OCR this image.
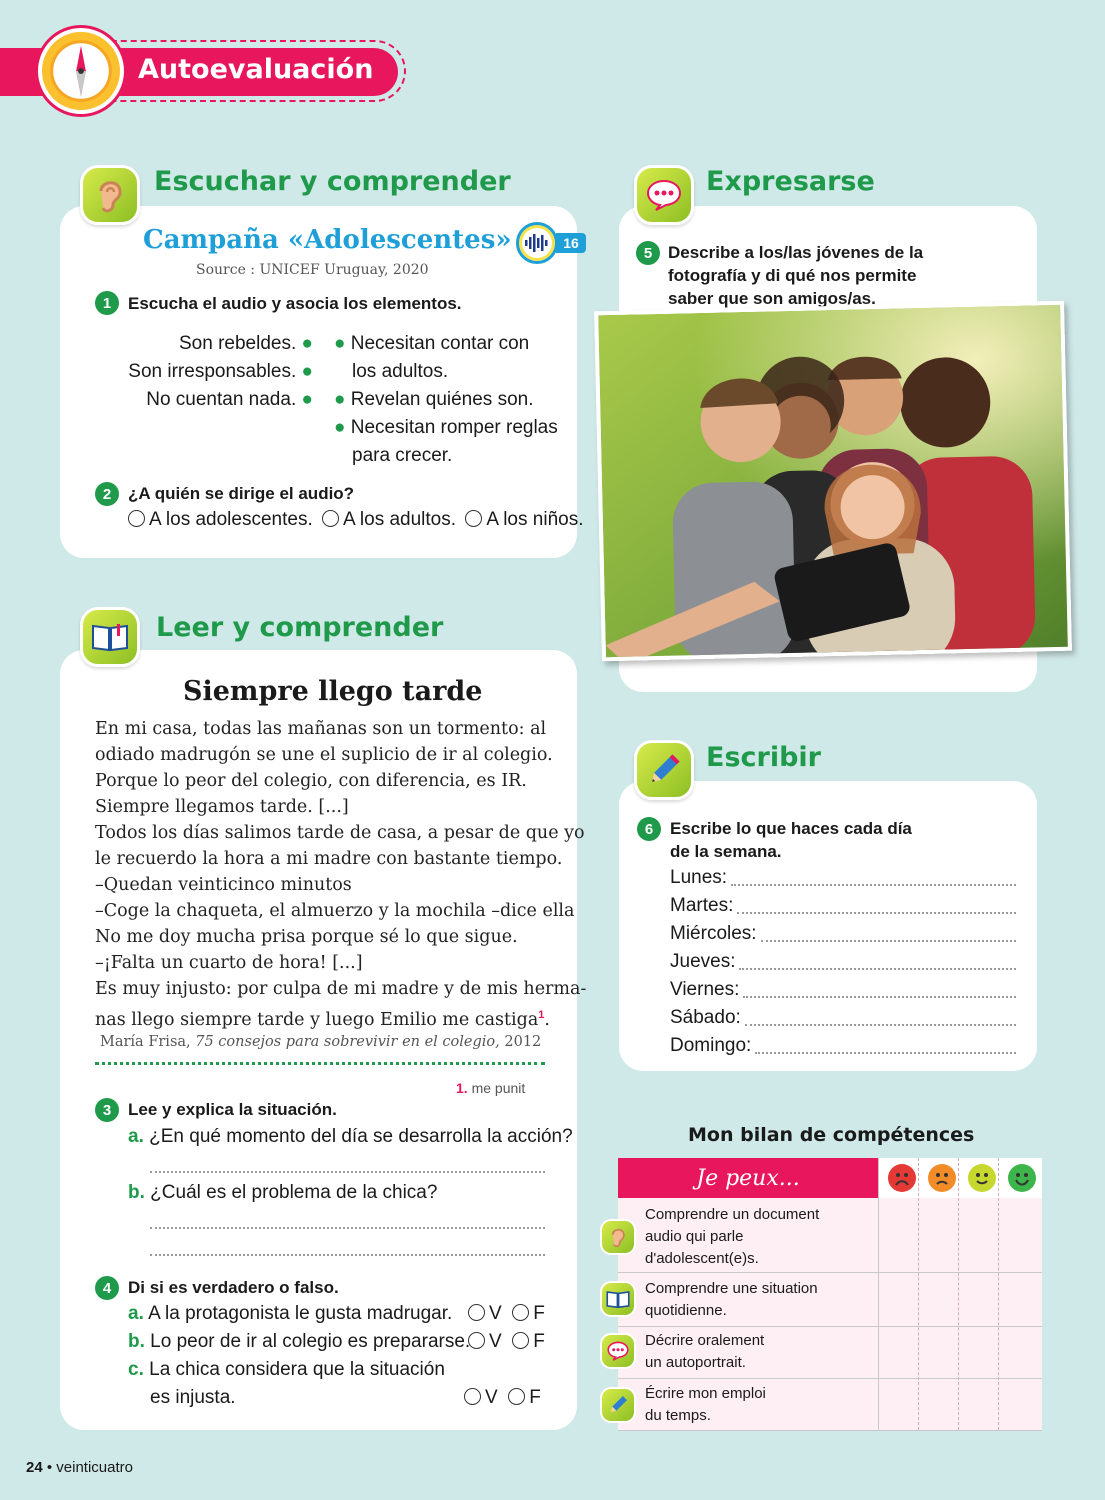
Autoevaluación
Escuchar y comprender
Campaña «Adolescentes»	16
Source : UNICEF Uruguay, 2020
1 Escucha el audio y asocia los elementos.
Son rebeldes. ●
Son irresponsables. ●
No cuentan nada. ●
● Necesitan contar con
los adultos.
● Revelan quiénes son.
● Necesitan romper reglas
para crecer.
2 ¿A quién se dirige el audio?
A los adolescentes. A los adultos. A los niños.
Leer y comprender
Siempre llego tarde
En mi casa, todas las mañanas son un tormento: al
odiado madrugón se une el suplicio de ir al colegio.
Porque lo peor del colegio, con diferencia, es IR.
Siempre llegamos tarde. [...]
Todos los días salimos tarde de casa, a pesar de que yo
le recuerdo la hora a mi madre con bastante tiempo.
–Quedan veinticinco minutos
–Coge la chaqueta, el almuerzo y la mochila –dice ella
No me doy mucha prisa porque sé lo que sigue.
–¡Falta un cuarto de hora! [...]
Es muy injusto: por culpa de mi madre y de mis herma-
nas llego siempre tarde y luego Emilio me castiga$^1$.
María Frisa, 75 consejos para sobrevivir en el colegio, 2012
1. me punit
3 Lee y explica la situación.
a. ¿En qué momento del día se desarrolla la acción?
b. ¿Cuál es el problema de la chica?
4 Di si es verdadero o falso.
a. A la protagonista le gusta madrugar.	V F
b. Lo peor de ir al colegio es prepararse. V F
c. La chica considera que la situación
es injusta.	V F
Expresarse
5 Describe a los/las jóvenes de la
fotografía y di qué nos permite
saber que son amigos/as.
Escribir
6 Escribe lo que haces cada día
de la semana.
Lunes:
Martes:
Miércoles:
Jueves:
Viernes:
Sábado:
Domingo:
Mon bilan de compétences
Je peux...
Comprendre un document
audio qui parle
d'adolescent(e)s.
Comprendre une situation
quotidienne.
Décrire oralement
un autoportrait.
Écrire mon emploi
du temps.
24 • veinticuatro
